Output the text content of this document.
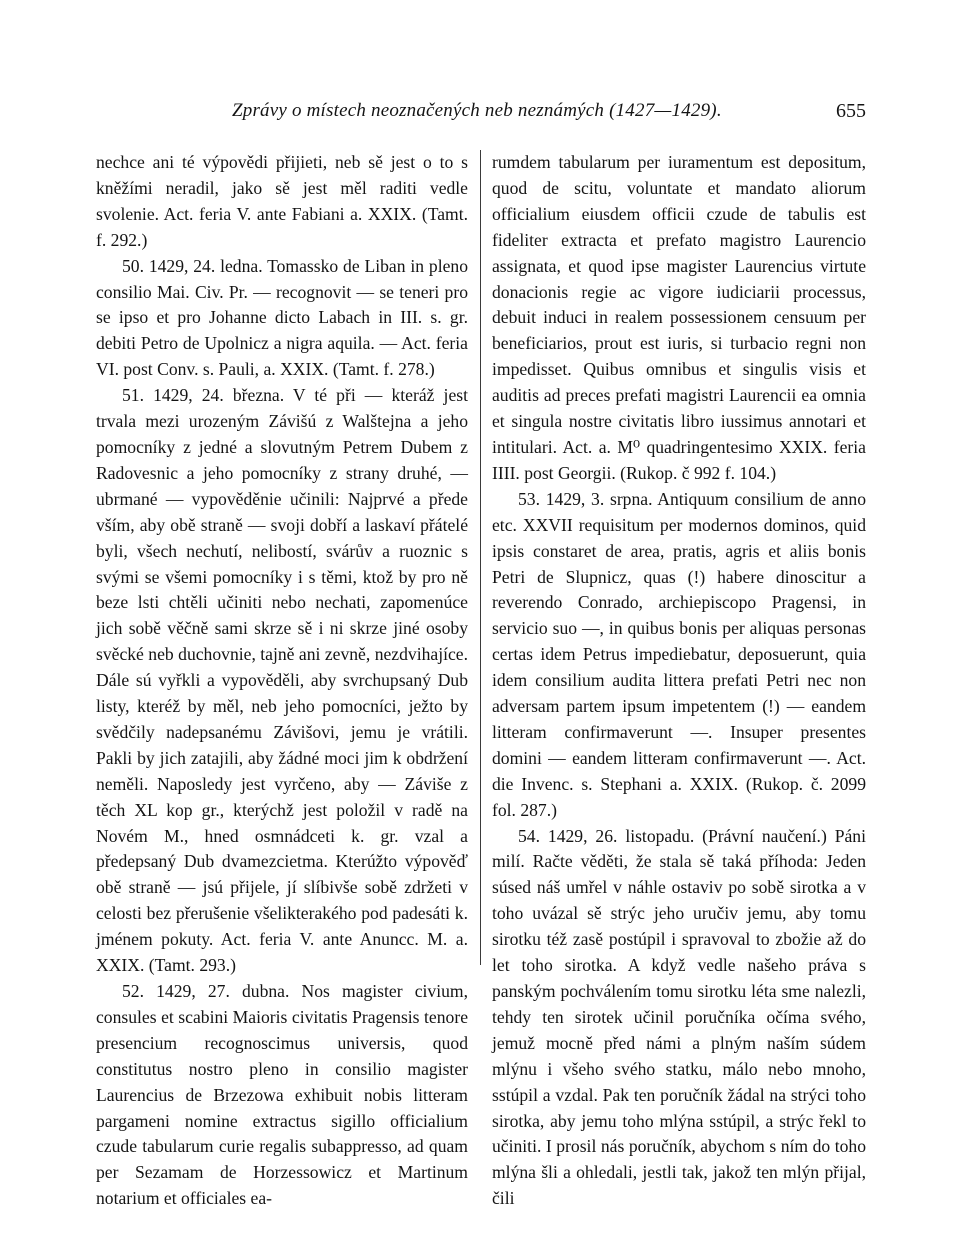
Zprávy o místech neoznačených neb neznámých (1427—1429).	655

nechce ani té výpovědi přijieti, neb sě jest o to s kněžími neradil, jako sě jest měl raditi vedle svolenie. Act. feria V. ante Fabiani a. XXIX. (Tamt. f. 292.)

50. 1429, 24. ledna. Tomassko de Liban in pleno consilio Mai. Civ. Pr. — recognovit — se teneri pro se ipso et pro Johanne dicto Labach in III. s. gr. debiti Petro de Upolnicz a nigra aquila. — Act. feria VI. post Conv. s. Pauli, a. XXIX. (Tamt. f. 278.)

51. 1429, 24. března. V té při — kteráž jest trvala mezi urozeným Závišú z Walštejna a jeho pomocníky z jedné a slovutným Petrem Dubem z Radovesnic a jeho pomocníky z strany druhé, — ubrmané — vypověděnie učinili: Najprvé a přede vším, aby obě straně — svoji dobří a laskaví přátelé byli, všech nechutí, nelibostí, svárův a ruoznic s svými se všemi pomocníky i s těmi, ktož by pro ně beze lsti chtěli učiniti nebo nechati, zapomenúce jich sobě věčně sami skrze sě i ni skrze jiné osoby svěcké neb duchovnie, tajně ani zevně, nezdvihajíce. Dále sú vyřkli a vypověděli, aby svrchupsaný Dub listy, kteréž by měl, neb jeho pomocníci, ježto by svědčily nadepsanému Závišovi, jemu je vrátili. Pakli by jich zatajili, aby žádné moci jim k obdržení neměli. Naposledy jest vyrčeno, aby — Záviše z těch XL kop gr., kterýchž jest položil v radě na Novém M., hned osmnádceti k. gr. vzal a předepsaný Dub dvamezcietma. Kterúžto výpověď obě straně — jsú přijele, jí slíbivše sobě zdržeti v celosti bez přerušenie všelikterakého pod padesáti k. jménem pokuty. Act. feria V. ante Anuncc. M. a. XXIX. (Tamt. 293.)

52. 1429, 27. dubna. Nos magister civium, consules et scabini Maioris civitatis Pragensis tenore presencium recognoscimus universis, quod constitutus nostro pleno in consilio magister Laurencius de Brzezowa exhibuit nobis litteram pargameni nomine extractus sigillo officialium czude tabularum curie regalis subappresso, ad quam per Sezamam de Horzessowicz et Martinum notarium et officiales ea-

rumdem tabularum per iuramentum est depositum, quod de scitu, voluntate et mandato aliorum officialium eiusdem officii czude de tabulis est fideliter extracta et prefato magistro Laurencio assignata, et quod ipse magister Laurencius virtute donacionis regie ac vigore iudiciarii processus, debuit induci in realem possessionem censuum per beneficiarios, prout est iuris, si turbacio regni non impedisset. Quibus omnibus et singulis visis et auditis ad preces prefati magistri Laurencii ea omnia et singula nostre civitatis libro iussimus annotari et intitulari. Act. a. M⁰ quadringentesimo XXIX. feria IIII. post Georgii. (Rukop. č 992 f. 104.)

53. 1429, 3. srpna. Antiquum consilium de anno etc. XXVII requisitum per modernos dominos, quid ipsis constaret de area, pratis, agris et aliis bonis Petri de Slupnicz, quas (!) habere dinoscitur a reverendo Conrado, archiepiscopo Pragensi, in servicio suo —, in quibus bonis per aliquas personas certas idem Petrus impediebatur, deposuerunt, quia idem consilium audita littera prefati Petri nec non adversam partem ipsum impetentem (!) — eandem litteram confirmaverunt —. Insuper presentes domini — eandem litteram confirmaverunt —. Act. die Invenc. s. Stephani a. XXIX. (Rukop. č. 2099 fol. 287.)

54. 1429, 26. listopadu. (Právní naučení.) Páni milí. Račte věděti, že stala sě taká příhoda: Jeden súsed náš umřel v náhle ostaviv po sobě sirotka a v toho uvázal sě strýc jeho uručiv jemu, aby tomu sirotku též zasě postúpil i spravoval to zbožie až do let toho sirotka. A když vedle našeho práva s panským pochválením tomu sirotku léta sme nalezli, tehdy ten sirotek učinil poručníka očíma svého, jemuž mocně před námi a plným naším súdem mlýnu i všeho svého statku, málo nebo mnoho, sstúpil a vzdal. Pak ten poručník žádal na strýci toho sirotka, aby jemu toho mlýna sstúpil, a strýc řekl to učiniti. I prosil nás poručník, abychom s ním do toho mlýna šli a ohledali, jestli tak, jakož ten mlýn přijal, čili
